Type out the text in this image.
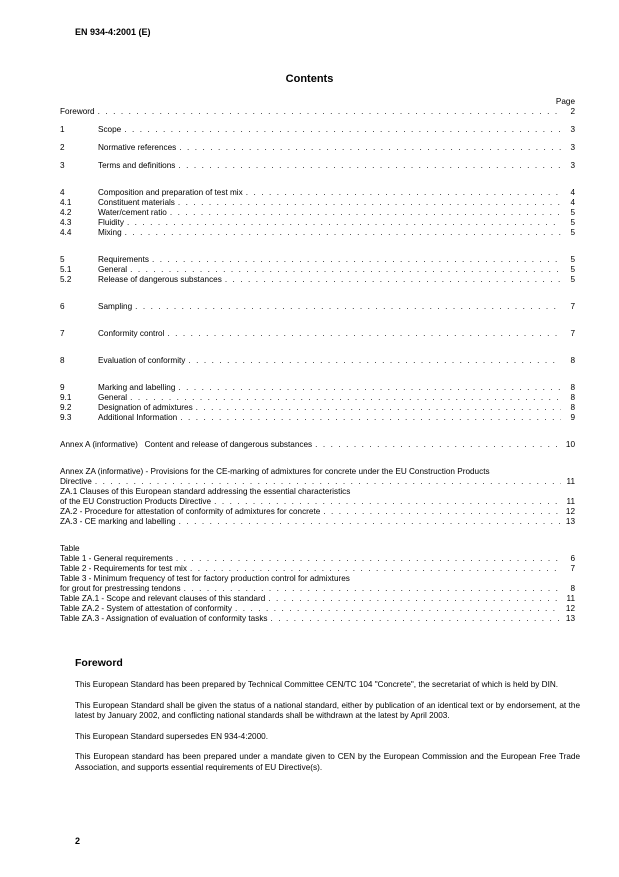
EN 934-4:2001 (E)
Contents
Page
Foreword . . .	2
1	Scope . . .	3
2	Normative references . . .	3
3	Terms and definitions . . .	3
4	Composition and preparation of test mix . . .	4
4.1	Constituent materials . . .	4
4.2	Water/cement ratio . . .	5
4.3	Fluidity . . .	5
4.4	Mixing . . .	5
5	Requirements . . .	5
5.1	General . . .	5
5.2	Release of dangerous substances . . .	5
6	Sampling . . .	7
7	Conformity control . . .	7
8	Evaluation of conformity . . .	8
9	Marking and labelling . . .	8
9.1	General . . .	8
9.2	Designation of admixtures . . .	8
9.3	Additional Information . . .	9
Annex A (informative)   Content and release of dangerous substances . . .	10
Annex ZA (informative) - Provisions for the CE-marking of admixtures for concrete under the EU Construction Products
Directive . . .	11
ZA.1 Clauses of this European standard addressing the essential characteristics
of the EU Construction Products Directive . . .	11
ZA.2 - Procedure for attestation of conformity of admixtures for concrete . . .	12
ZA.3 - CE marking and labelling . . .	13
Table
Table 1 - General requirements . . .	6
Table 2 - Requirements for test mix . . .	7
Table 3 - Minimum frequency of test for factory production control for admixtures
for grout for prestressing tendons . . .	8
Table ZA.1 - Scope and relevant clauses of this standard . . .	11
Table ZA.2 - System of attestation of conformity . . .	12
Table ZA.3 - Assignation of evaluation of conformity tasks . . .	13
Foreword

This European Standard has been prepared by Technical Committee CEN/TC 104 "Concrete", the secretariat of which is held by DIN.

This European Standard shall be given the status of a national standard, either by publication of an identical text or by endorsement, at the latest by January 2002, and conflicting national standards shall be withdrawn at the latest by April 2003.

This European Standard supersedes EN 934-4:2000.

This European standard has been prepared under a mandate given to CEN by the European Commission and the European Free Trade Association, and supports essential requirements of EU Directive(s).

2
